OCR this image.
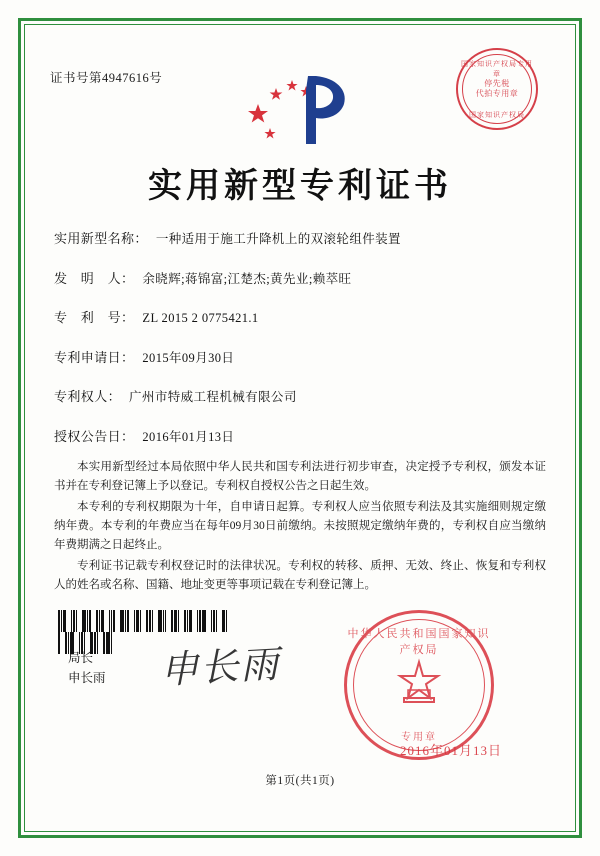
证书号第4947616号
国家知识产权局专用章
停先税
代拍专用章
国家知识产权局
实用新型专利证书
实用新型名称： 一种适用于施工升降机上的双滚轮组件装置
发　明　人： 余晓辉;蒋锦富;江楚杰;黄先业;赖萃旺
专　利　号： ZL 2015 2 0775421.1
专利申请日： 2015年09月30日
专利权人： 广州市特威工程机械有限公司
授权公告日： 2016年01月13日

本实用新型经过本局依照中华人民共和国专利法进行初步审查，决定授予专利权，颁发本证书并在专利登记簿上予以登记。专利权自授权公告之日起生效。

本专利的专利权期限为十年，自申请日起算。专利权人应当依照专利法及其实施细则规定缴纳年费。本专利的年费应当在每年09月30日前缴纳。未按照规定缴纳年费的，专利权自应当缴纳年费期满之日起终止。

专利证书记载专利权登记时的法律状况。专利权的转移、质押、无效、终止、恢复和专利权人的姓名或名称、国籍、地址变更等事项记载在专利登记簿上。

局长
申长雨 申长雨
中华人民共和国国家知识产权局
专用章
2016年01月13日
第1页(共1页)
